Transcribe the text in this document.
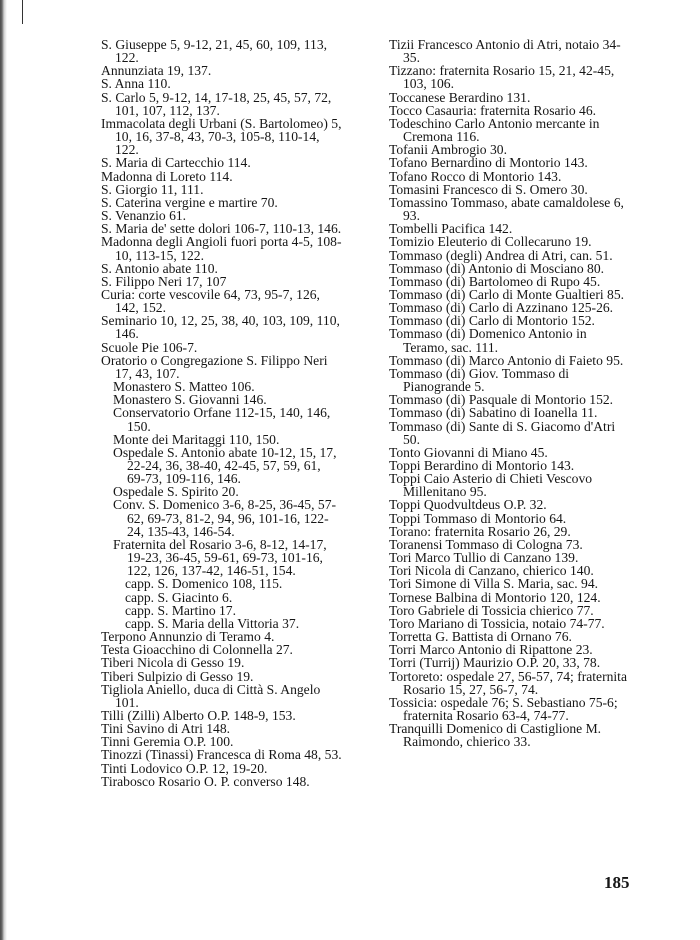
S. Giuseppe 5, 9-12, 21, 45, 60, 109, 113, 122.

Annunziata 19, 137.

S. Anna 110.

S. Carlo 5, 9-12, 14, 17-18, 25, 45, 57, 72, 101, 107, 112, 137.

Immacolata degli Urbani (S. Bartolomeo) 5, 10, 16, 37-8, 43, 70-3, 105-8, 110-14, 122.

S. Maria di Cartecchio 114.

Madonna di Loreto 114.

S. Giorgio 11, 111.

S. Caterina vergine e martire 70.

S. Venanzio 61.

S. Maria de' sette dolori 106-7, 110-13, 146.

Madonna degli Angioli fuori porta 4-5, 108-10, 113-15, 122.

S. Antonio abate 110.

S. Filippo Neri 17, 107

Curia: corte vescovile 64, 73, 95-7, 126, 142, 152.

Seminario 10, 12, 25, 38, 40, 103, 109, 110, 146.

Scuole Pie 106-7.

Oratorio o Congregazione S. Filippo Neri 17, 43, 107.

Monastero S. Matteo 106.

Monastero S. Giovanni 146.

Conservatorio Orfane 112-15, 140, 146, 150.

Monte dei Maritaggi 110, 150.

Ospedale S. Antonio abate 10-12, 15, 17, 22-24, 36, 38-40, 42-45, 57, 59, 61, 69-73, 109-116, 146.

Ospedale S. Spirito 20.

Conv. S. Domenico 3-6, 8-25, 36-45, 57-62, 69-73, 81-2, 94, 96, 101-16, 122-24, 135-43, 146-54.

Fraternita del Rosario 3-6, 8-12, 14-17, 19-23, 36-45, 59-61, 69-73, 101-16, 122, 126, 137-42, 146-51, 154.

capp. S. Domenico 108, 115.

capp. S. Giacinto 6.

capp. S. Martino 17.

capp. S. Maria della Vittoria 37.

Terpono Annunzio di Teramo 4.

Testa Gioacchino di Colonnella 27.

Tiberi Nicola di Gesso 19.

Tiberi Sulpizio di Gesso 19.

Tigliola Aniello, duca di Città S. Angelo 101.

Tilli (Zilli) Alberto O.P. 148-9, 153.

Tini Savino di Atri 148.

Tinni Geremia O.P. 100.

Tinozzi (Tinassi) Francesca di Roma 48, 53.

Tinti Lodovico O.P. 12, 19-20.

Tirabosco Rosario O. P. converso 148.

Tizii Francesco Antonio di Atri, notaio 34-35.

Tizzano: fraternita Rosario 15, 21, 42-45, 103, 106.

Toccanese Berardino 131.

Tocco Casauria: fraternita Rosario 46.

Todeschino Carlo Antonio mercante in Cremona 116.

Tofanii Ambrogio 30.

Tofano Bernardino di Montorio 143.

Tofano Rocco di Montorio 143.

Tomasini Francesco di S. Omero 30.

Tomassino Tommaso, abate camaldolese 6, 93.

Tombelli Pacifica 142.

Tomizio Eleuterio di Collecaruno 19.

Tommaso (degli) Andrea di Atri, can. 51.

Tommaso (di) Antonio di Mosciano 80.

Tommaso (di) Bartolomeo di Rupo 45.

Tommaso (di) Carlo di Monte Gualtieri 85.

Tommaso (di) Carlo di Azzinano 125-26.

Tommaso (di) Carlo di Montorio 152.

Tommaso (di) Domenico Antonio in Teramo, sac. 111.

Tommaso (di) Marco Antonio di Faieto 95.

Tommaso (di) Giov. Tommaso di Pianogrande 5.

Tommaso (di) Pasquale di Montorio 152.

Tommaso (di) Sabatino di Ioanella 11.

Tommaso (di) Sante di S. Giacomo d'Atri 50.

Tonto Giovanni di Miano 45.

Toppi Berardino di Montorio 143.

Toppi Caio Asterio di Chieti Vescovo Millenitano 95.

Toppi Quodvultdeus O.P. 32.

Toppi Tommaso di Montorio 64.

Torano: fraternita Rosario 26, 29.

Toranensi Tommaso di Cologna 73.

Tori Marco Tullio di Canzano 139.

Tori Nicola di Canzano, chierico 140.

Tori Simone di Villa S. Maria, sac. 94.

Tornese Balbina di Montorio 120, 124.

Toro Gabriele di Tossicia chierico 77.

Toro Mariano di Tossicia, notaio 74-77.

Torretta G. Battista di Ornano 76.

Torri Marco Antonio di Ripattone 23.

Torri (Turrij) Maurizio O.P. 20, 33, 78.

Tortoreto: ospedale 27, 56-57, 74; fraternita Rosario 15, 27, 56-7, 74.

Tossicia: ospedale 76; S. Sebastiano 75-6; fraternita Rosario 63-4, 74-77.

Tranquilli Domenico di Castiglione M. Raimondo, chierico 33.

185
